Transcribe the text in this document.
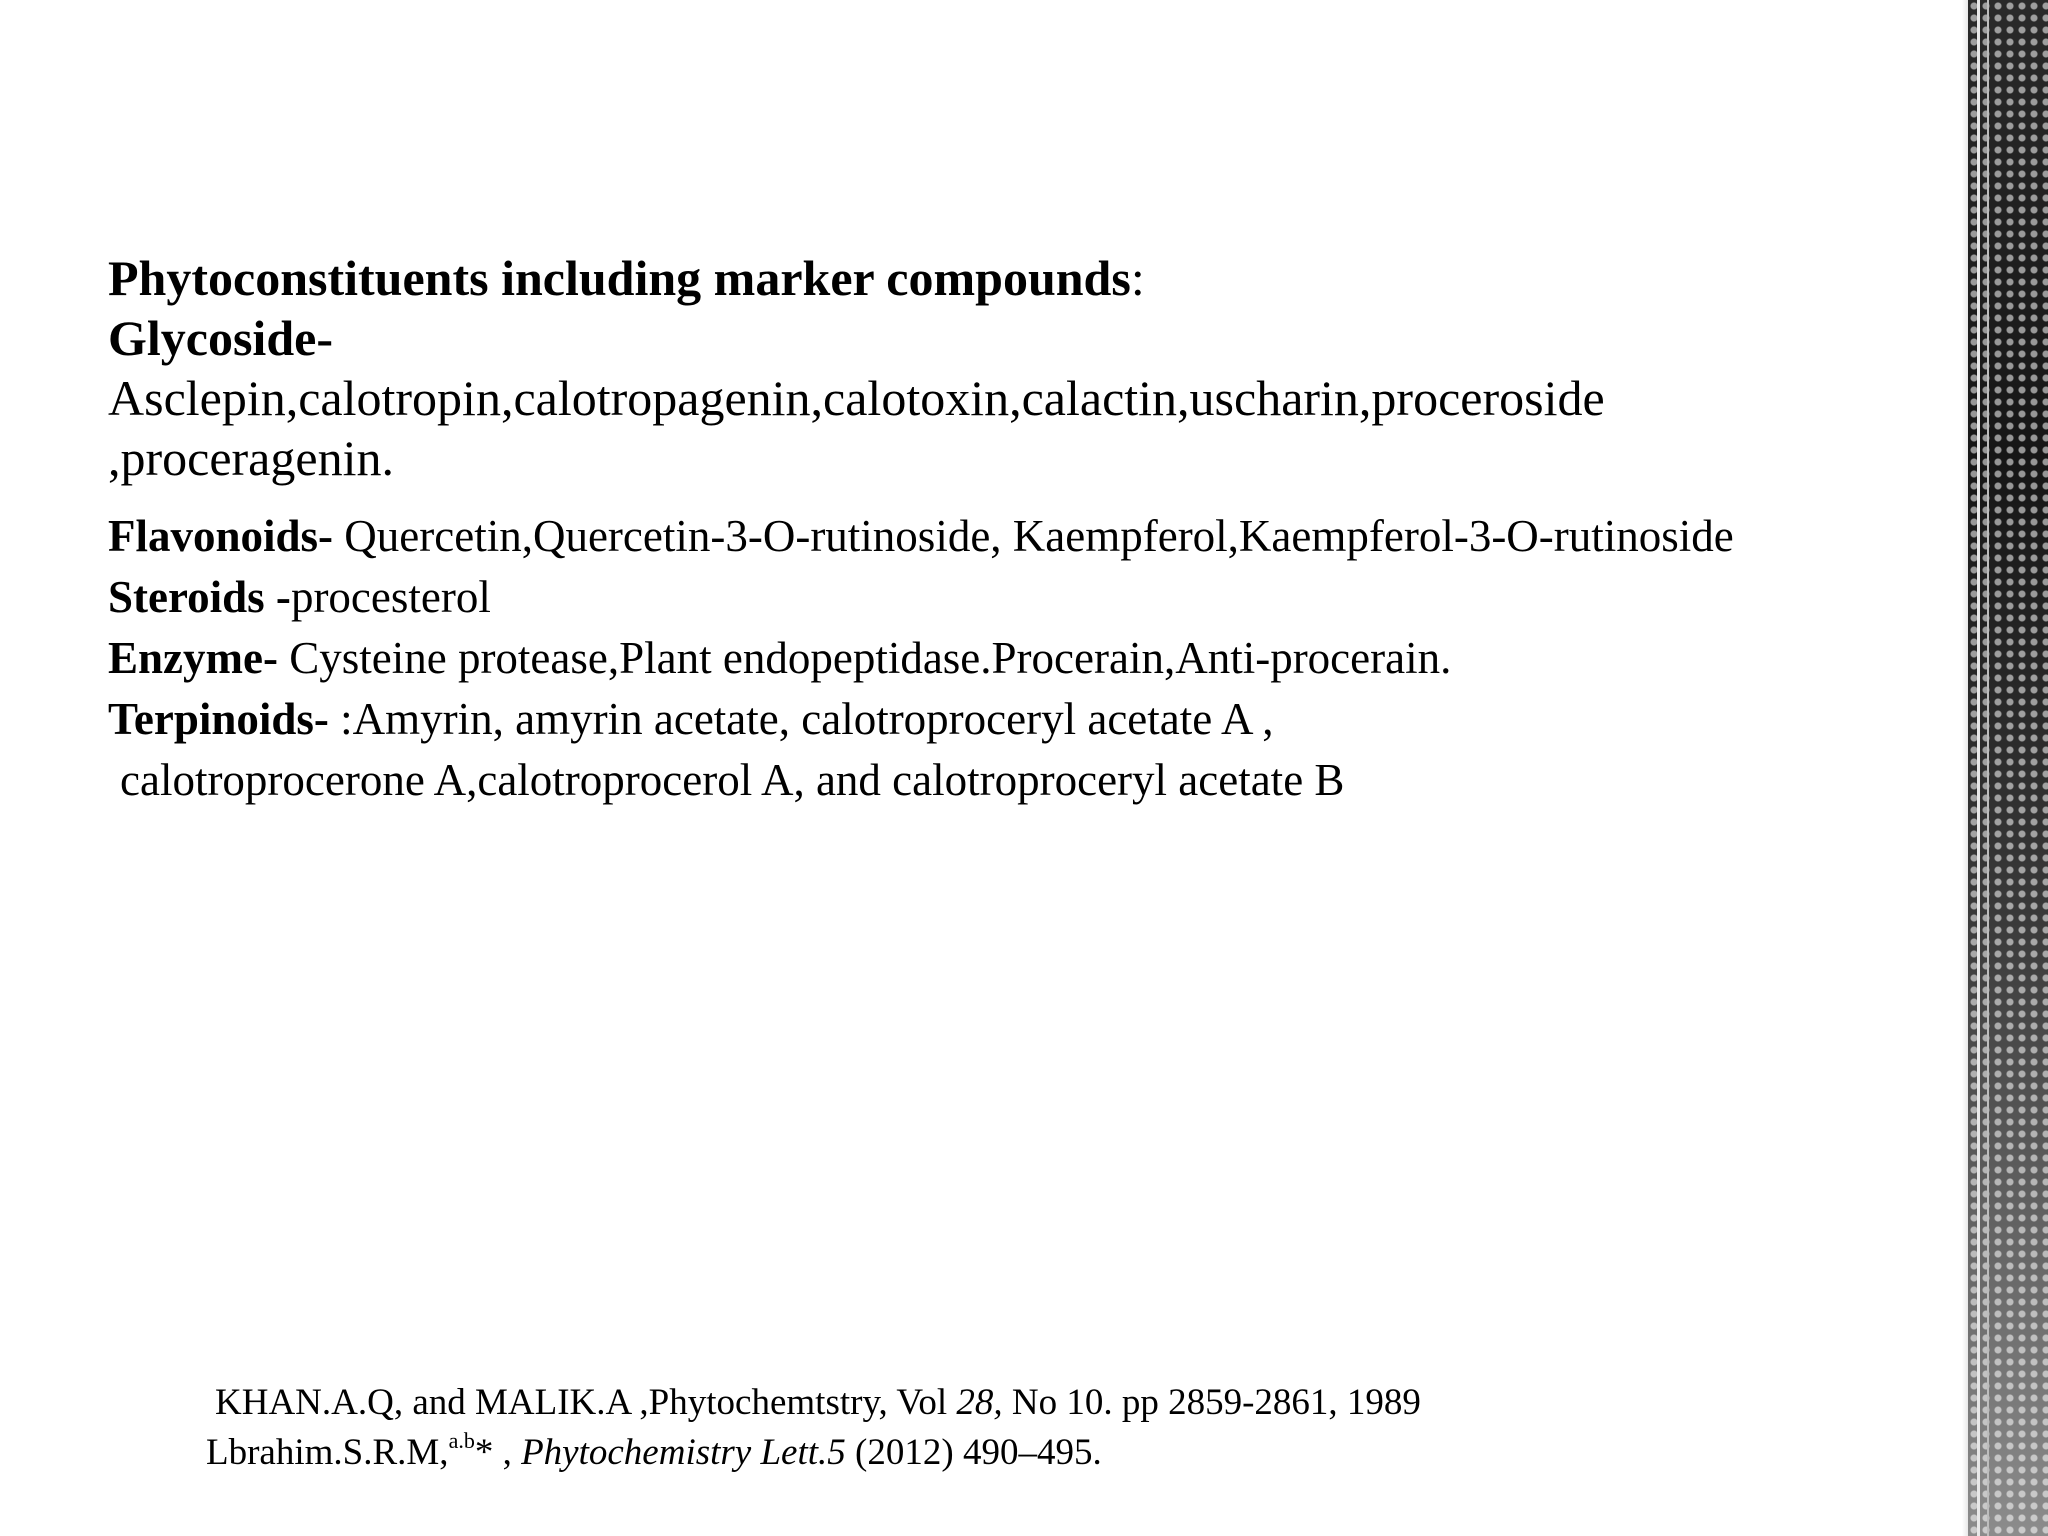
Phytoconstituents including marker compounds:
Glycoside-
Asclepin,calotropin,calotropagenin,calotoxin,calactin,uscharin,proceroside
,proceragenin.
Flavonoids- Quercetin,Quercetin-3-O-rutinoside, Kaempferol,Kaempferol-3-O-rutinoside
Steroids -procesterol
Enzyme- Cysteine protease,Plant endopeptidase.Procerain,Anti-procerain.
Terpinoids- :Amyrin, amyrin acetate, calotroproceryl acetate A ,
calotroprocerone A,calotroprocerol A, and calotroproceryl acetate B
KHAN.A.Q, and MALIK.A ,Phytochemtstry, Vol 28, No 10. pp 2859-2861, 1989
Lbrahim.S.R.M,$^{a.b}$* , Phytochemistry Lett.5 (2012) 490–495.
